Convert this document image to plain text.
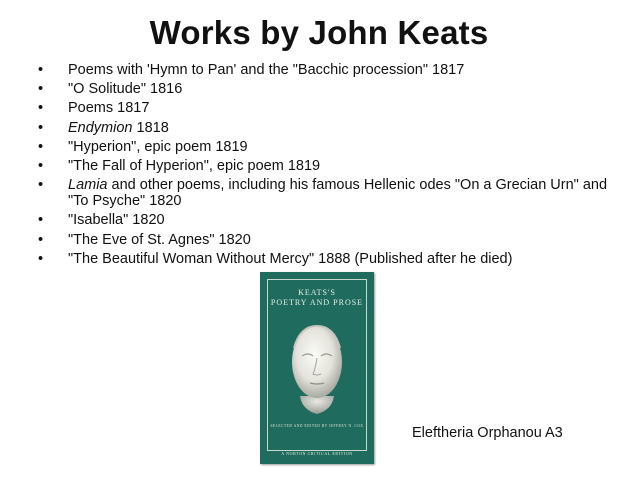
Works by John Keats
• Poems with 'Hymn to Pan' and the "Bacchic procession" 1817
• "O Solitude" 1816
• Poems 1817
• Endymion 1818
• "Hyperion", epic poem 1819
• "The Fall of Hyperion", epic poem 1819
• Lamia and other poems, including his famous Hellenic odes "On a Grecian Urn" and "To Psyche" 1820
• "Isabella" 1820
• "The Eve of St. Agnes" 1820
• "The Beautiful Woman Without Mercy" 1888 (Published after he died)
KEATS'S
POETRY AND PROSE
SELECTED AND EDITED BY JEFFREY N. COX
A NORTON CRITICAL EDITION
Eleftheria Orphanou A3
